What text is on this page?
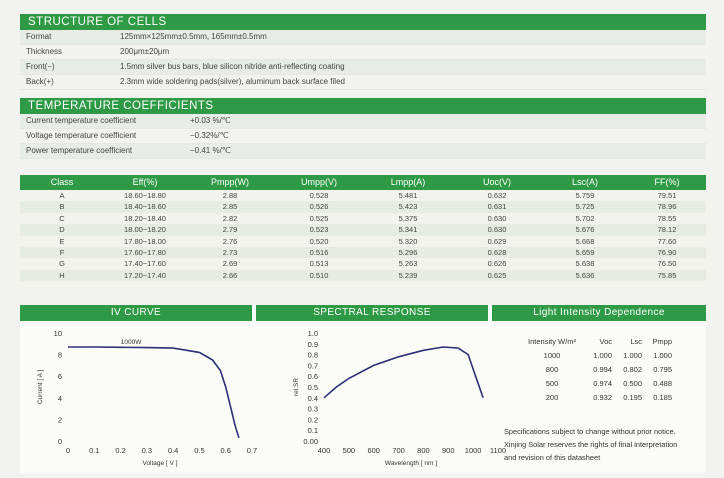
STRUCTURE OF CELLS
Format	125mm×125mm±0.5mm, 165mm±0.5mm
Thickness	200μm±20μm
Front(−)	1.5mm silver bus bars, blue silicon nitride anti-reflecting coating
Back(+)	2.3mm wide soldering pads(silver), aluminum back surface filed
TEMPERATURE COEFFICIENTS
Current temperature coefficient	+0.03 %/℃
Voltage temperature coefficient	−0.32%/℃
Power temperature coefficient	−0.41 %/℃
Class	Eff(%)	Pmpp(W)	Umpp(V)	Lmpp(A)	Uoc(V)	Lsc(A)	FF(%)
A	18.60−18.80	2.88	0.528	5.481	0.632	5.759	79.51
B	18.40−18.60	2.85	0.526	5.423	0.631	5.725	78.96
C	18.20−18.40	2.82	0.525	5.375	0.630	5.702	78.55
D	18.00−18.20	2.79	0.523	5.341	0.630	5.676	78.12
E	17.80−18.00	2.76	0.520	5.320	0.629	5.668	77.60
F	17.60−17.80	2.73	0.516	5.296	0.628	5.659	76.90
G	17.40−17.60	2.69	0.513	5.263	0.626	5.638	76.50
H	17.20−17.40	2.66	0.510	5.239	0.625	5.636	75.85
IV CURVE	SPECTRAL RESPONSE	Light Intensity Dependence
0	0.1 0.2 0.3 0.4 0.5 0.6 0.7
0
2
4
6
8
10
Voltage [ V ]
Current [ A ]
1000W
400 500 600 700 800 900 1000 1100
0.00
0.1
0.2
0.3
0.4
0.5
0.6
0.7
0.8
0.9
1.0
Wavelength [ nm ]
rel.SR
Intensity W/m²	Voc	Lsc	Pmpp
1000	1.000	1.000	1.000
800	0.994	0.802	0.795
500	0.974	0.500	0.488
200	0.932	0.195	0.185
Specifications subject to change without prior notice.
Xinjing Solar reserves the rights of final interpretation
and revision of this datasheet
